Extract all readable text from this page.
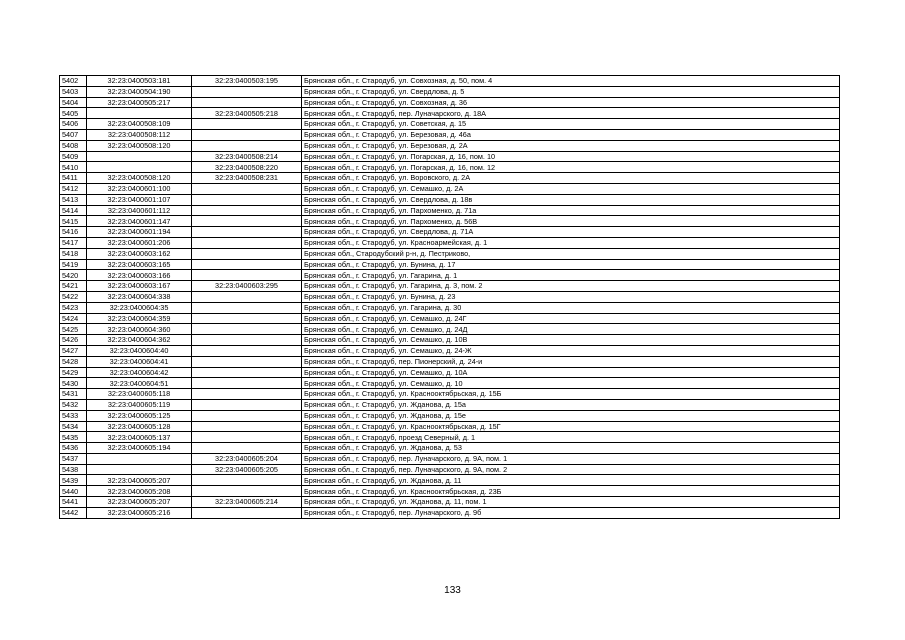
5402	32:23:0400503:181	32:23:0400503:195	Брянская обл., г. Стародуб, ул. Совхозная, д. 50, пом. 4
5403	32:23:0400504:190		Брянская обл., г. Стародуб, ул. Свердлова, д. 5
5404	32:23:0400505:217		Брянская обл., г. Стародуб, ул. Совхозная, д. 36
5405		32:23:0400505:218	Брянская обл., г. Стародуб, пер. Луначарского, д. 18А
5406	32:23:0400508:109		Брянская обл., г. Стародуб, ул. Советская, д. 15
5407	32:23:0400508:112		Брянская обл., г. Стародуб, ул. Березовая, д. 46а
5408	32:23:0400508:120		Брянская обл., г. Стародуб, ул. Березовая, д. 2А
5409		32:23:0400508:214	Брянская обл., г. Стародуб, ул. Погарская, д. 16, пом. 10
5410		32:23:0400508:220	Брянская обл., г. Стародуб, ул. Погарская, д. 16, пом. 12
5411	32:23:0400508:120	32:23:0400508:231	Брянская обл., г. Стародуб, ул. Воровского, д. 2А
5412	32:23:0400601:100		Брянская обл., г. Стародуб, ул. Семашко, д. 2А
5413	32:23:0400601:107		Брянская обл., г. Стародуб, ул. Свердлова, д. 18в
5414	32:23:0400601:112		Брянская обл., г. Стародуб, ул. Пархоменко, д. 71а
5415	32:23:0400601:147		Брянская обл., г. Стародуб, ул. Пархоменко, д. 56В
5416	32:23:0400601:194		Брянская обл., г. Стародуб, ул. Свердлова, д. 71А
5417	32:23:0400601:206		Брянская обл., г. Стародуб, ул. Красноармейская, д. 1
5418	32:23:0400603:162		Брянская обл., Стародубский р-н, д. Пестриково,
5419	32:23:0400603:165		Брянская обл., г. Стародуб, ул. Бунина, д. 17
5420	32:23:0400603:166		Брянская обл., г. Стародуб, ул. Гагарина, д. 1
5421	32:23:0400603:167	32:23:0400603:295	Брянская обл., г. Стародуб, ул. Гагарина, д. 3, пом. 2
5422	32:23:0400604:338		Брянская обл., г. Стародуб, ул. Бунина, д. 23
5423	32:23:0400604:35		Брянская обл., г. Стародуб, ул. Гагарина, д. 30
5424	32:23:0400604:359		Брянская обл., г. Стародуб, ул. Семашко, д. 24Г
5425	32:23:0400604:360		Брянская обл., г. Стародуб, ул. Семашко, д. 24Д
5426	32:23:0400604:362		Брянская обл., г. Стародуб, ул. Семашко, д. 10В
5427	32:23:0400604:40		Брянская обл., г. Стародуб, ул. Семашко, д. 24-Ж
5428	32:23:0400604:41		Брянская обл., г. Стародуб, пер. Пионерский, д. 24-и
5429	32:23:0400604:42		Брянская обл., г. Стародуб, ул. Семашко, д. 10А
5430	32:23:0400604:51		Брянская обл., г. Стародуб, ул. Семашко, д. 10
5431	32:23:0400605:118		Брянская обл., г. Стародуб, ул. Краснооктябрьская, д. 15Б
5432	32:23:0400605:119		Брянская обл., г. Стародуб, ул. Жданова, д. 15а
5433	32:23:0400605:125		Брянская обл., г. Стародуб, ул. Жданова, д. 15е
5434	32:23:0400605:128		Брянская обл., г. Стародуб, ул. Краснооктябрьская, д. 15Г
5435	32:23:0400605:137		Брянская обл., г. Стародуб, проезд Северный, д. 1
5436	32:23:0400605:194		Брянская обл., г. Стародуб, ул. Жданова, д. 53
5437		32:23:0400605:204	Брянская обл., г. Стародуб, пер. Луначарского, д. 9А, пом. 1
5438		32:23:0400605:205	Брянская обл., г. Стародуб, пер. Луначарского, д. 9А, пом. 2
5439	32:23:0400605:207		Брянская обл., г. Стародуб, ул. Жданова, д. 11
5440	32:23:0400605:208		Брянская обл., г. Стародуб, ул. Краснооктябрьская, д. 23Б
5441	32:23:0400605:207	32:23:0400605:214	Брянская обл., г. Стародуб, ул. Жданова, д. 11, пом. 1
5442	32:23:0400605:216		Брянская обл., г. Стародуб, пер. Луначарского, д. 9б
133
